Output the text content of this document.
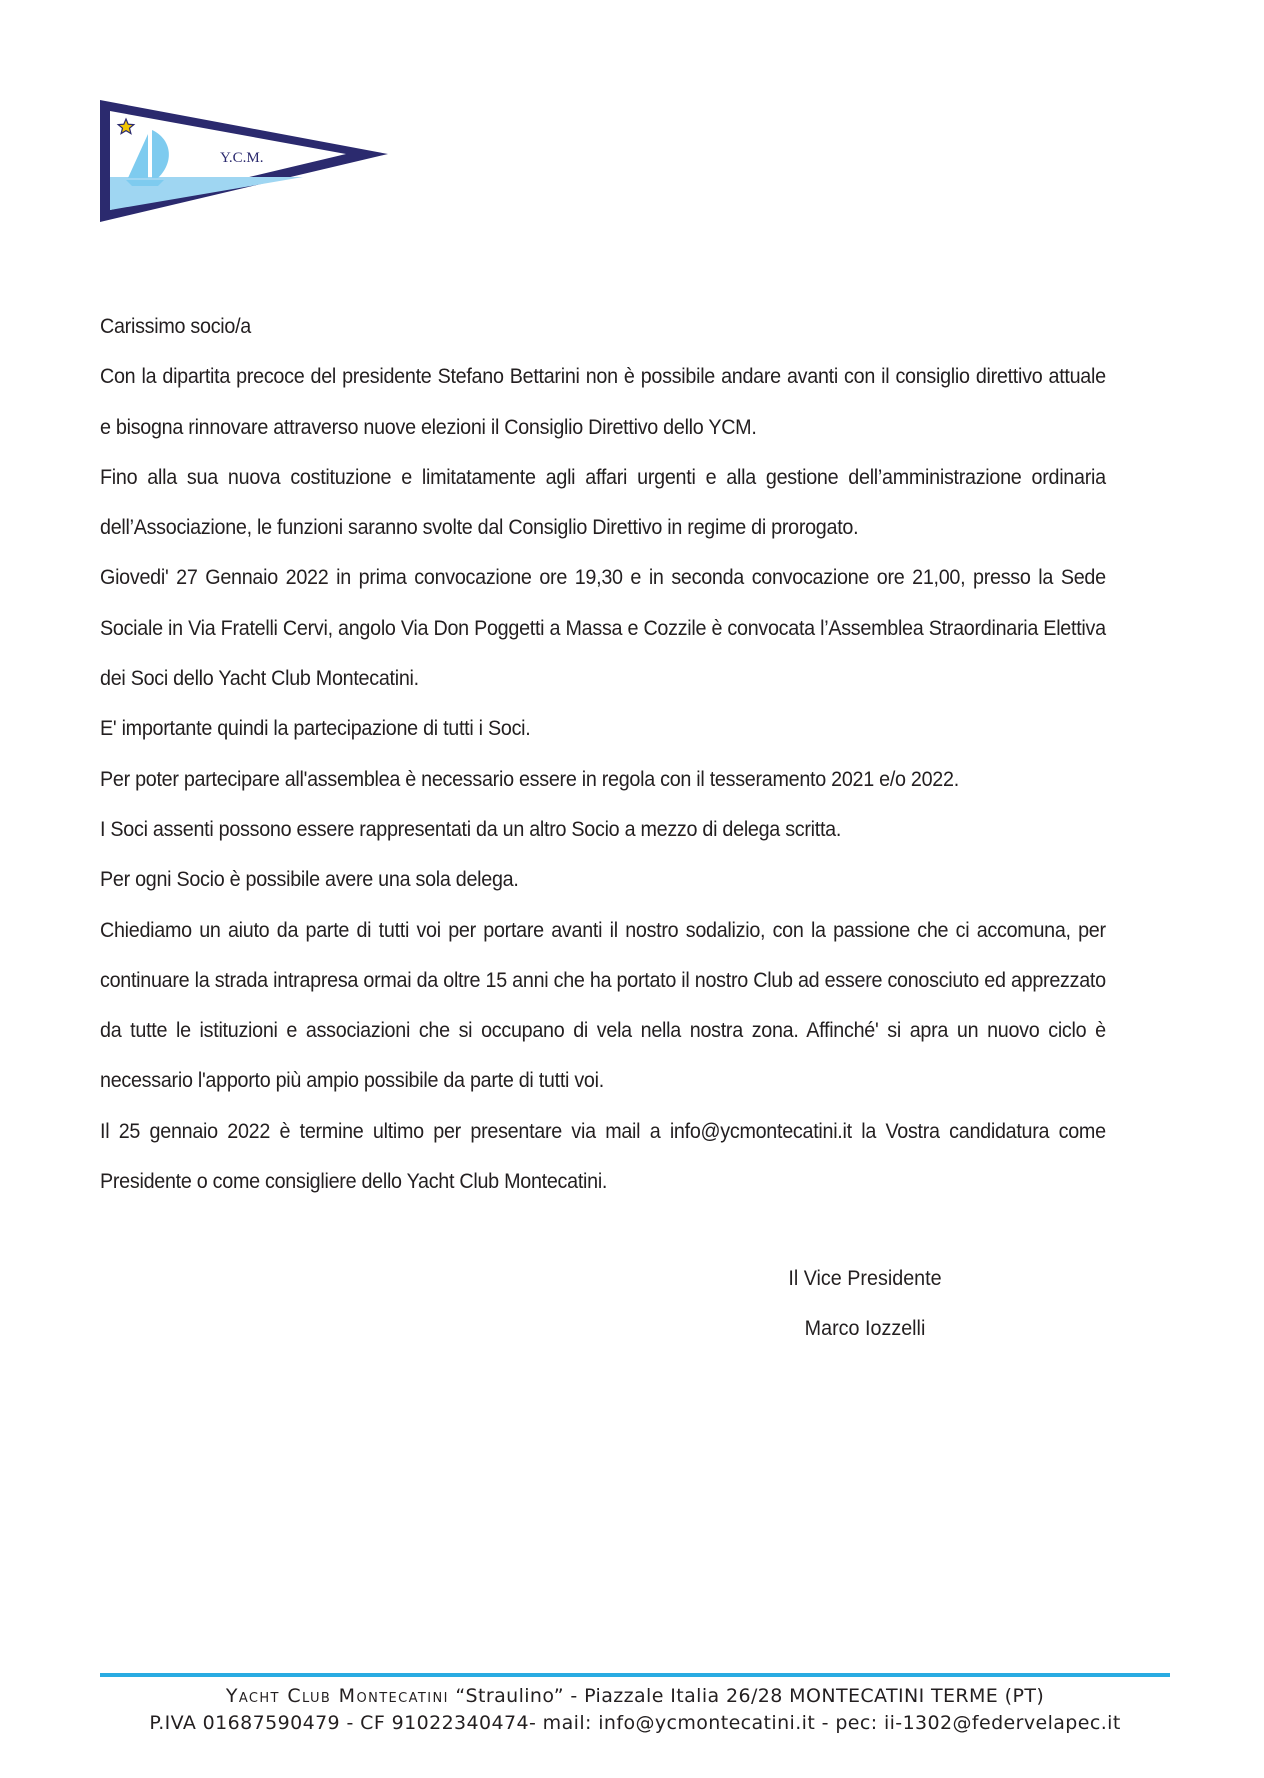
Y.C.M.

Carissimo socio/a

Con la dipartita precoce del presidente Stefano Bettarini non è possibile andare avanti con il consiglio direttivo attuale e bisogna rinnovare attraverso nuove elezioni il Consiglio Direttivo dello YCM.

Fino alla sua nuova costituzione e limitatamente agli affari urgenti e alla gestione dell’amministrazione ordinaria dell’Associazione, le funzioni saranno svolte dal Consiglio Direttivo in regime di prorogato.

Giovedi' 27 Gennaio 2022 in prima convocazione ore 19,30 e in seconda convocazione ore 21,00, presso la Sede Sociale in Via Fratelli Cervi, angolo Via Don Poggetti a Massa e Cozzile è convocata l’Assemblea Straordinaria Elettiva dei Soci dello Yacht Club Montecatini.

E' importante quindi la partecipazione di tutti i Soci.

Per poter partecipare all'assemblea è necessario essere in regola con il tesseramento 2021 e/o 2022.

I Soci assenti possono essere rappresentati da un altro Socio a mezzo di delega scritta.

Per ogni Socio è possibile avere una sola delega.

Chiediamo un aiuto da parte di tutti voi per portare avanti il nostro sodalizio, con la passione che ci accomuna, per continuare la strada intrapresa ormai da oltre 15 anni che ha portato il nostro Club ad essere conosciuto ed apprezzato da tutte le istituzioni e associazioni che si occupano di vela nella nostra zona. Affinché' si apra un nuovo ciclo è necessario l'apporto più ampio possibile da parte di tutti voi.

Il 25 gennaio 2022 è termine ultimo per presentare via mail a info@ycmontecatini.it la Vostra candidatura come Presidente o come consigliere dello Yacht Club Montecatini.

Il Vice Presidente

Marco Iozzelli

Yacht Club Montecatini “Straulino” - Piazzale Italia 26/28 MONTECATINI TERME (PT)
P.IVA 01687590479 - CF 91022340474- mail: info@ycmontecatini.it - pec: ii-1302@federvelapec.it
